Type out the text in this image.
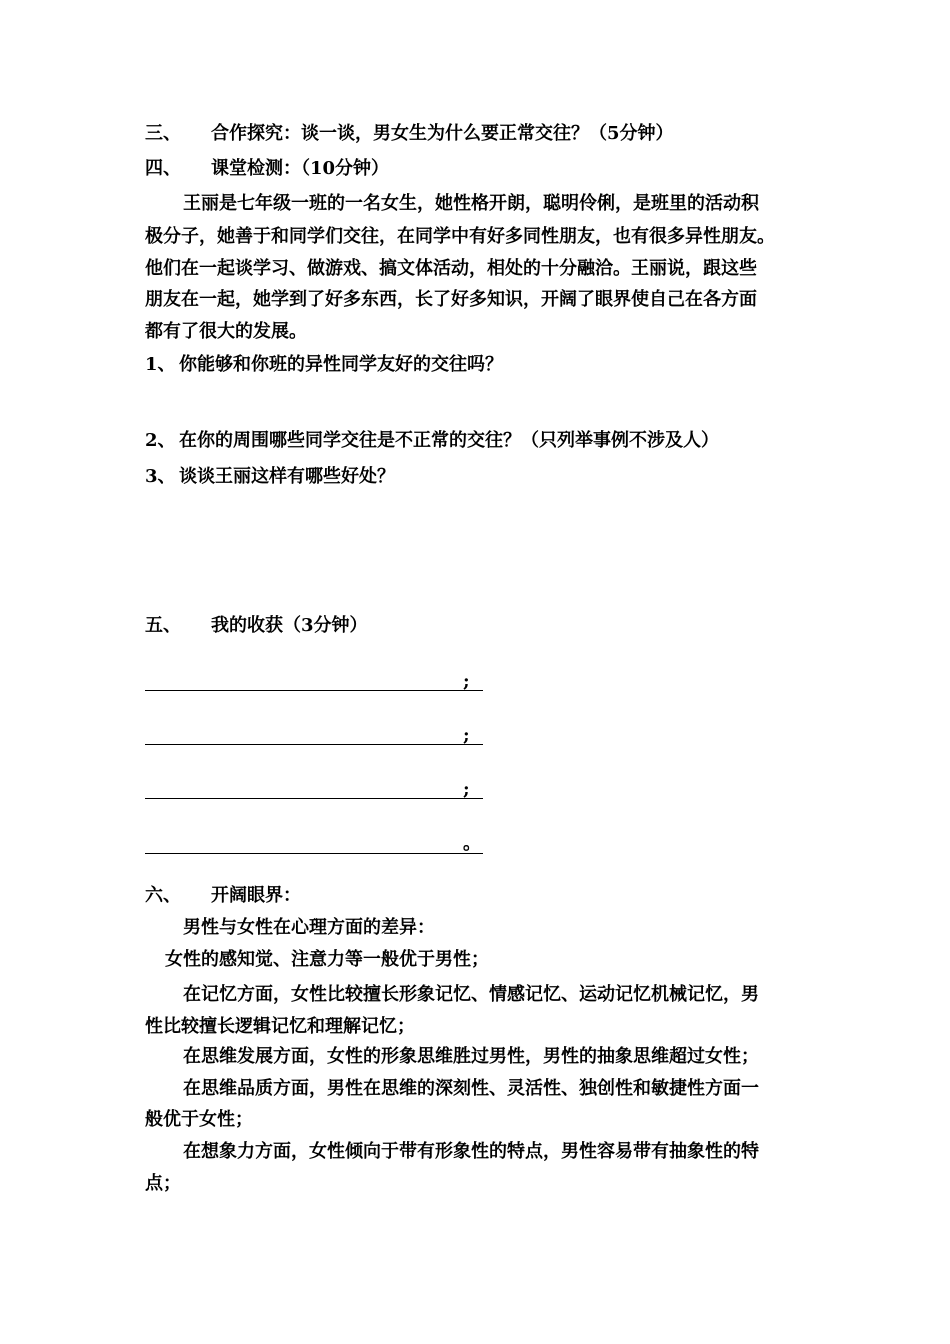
三、 合作探究：谈一谈，男女生为什么要正常交往？（5分钟）
四、 课堂检测：（10分钟）
王丽是七年级一班的一名女生，她性格开朗，聪明伶俐，是班里的活动积
极分子，她善于和同学们交往，在同学中有好多同性朋友，也有很多异性朋友。
他们在一起谈学习、做游戏、搞文体活动，相处的十分融洽。王丽说，跟这些
朋友在一起，她学到了好多东西，长了好多知识，开阔了眼界使自己在各方面
都有了很大的发展。
1、 你能够和你班的异性同学友好的交往吗？
2、 在你的周围哪些同学交往是不正常的交往？（只列举事例不涉及人）
3、 谈谈王丽这样有哪些好处？
五、 我的收获（3分钟）
;
;
;
。
六、 开阔眼界：
男性与女性在心理方面的差异：
女性的感知觉、注意力等一般优于男性；
在记忆方面，女性比较擅长形象记忆、情感记忆、运动记忆机械记忆，男
性比较擅长逻辑记忆和理解记忆；
在思维发展方面，女性的形象思维胜过男性，男性的抽象思维超过女性；
在思维品质方面，男性在思维的深刻性、灵活性、独创性和敏捷性方面一
般优于女性；
在想象力方面，女性倾向于带有形象性的特点，男性容易带有抽象性的特
点；
